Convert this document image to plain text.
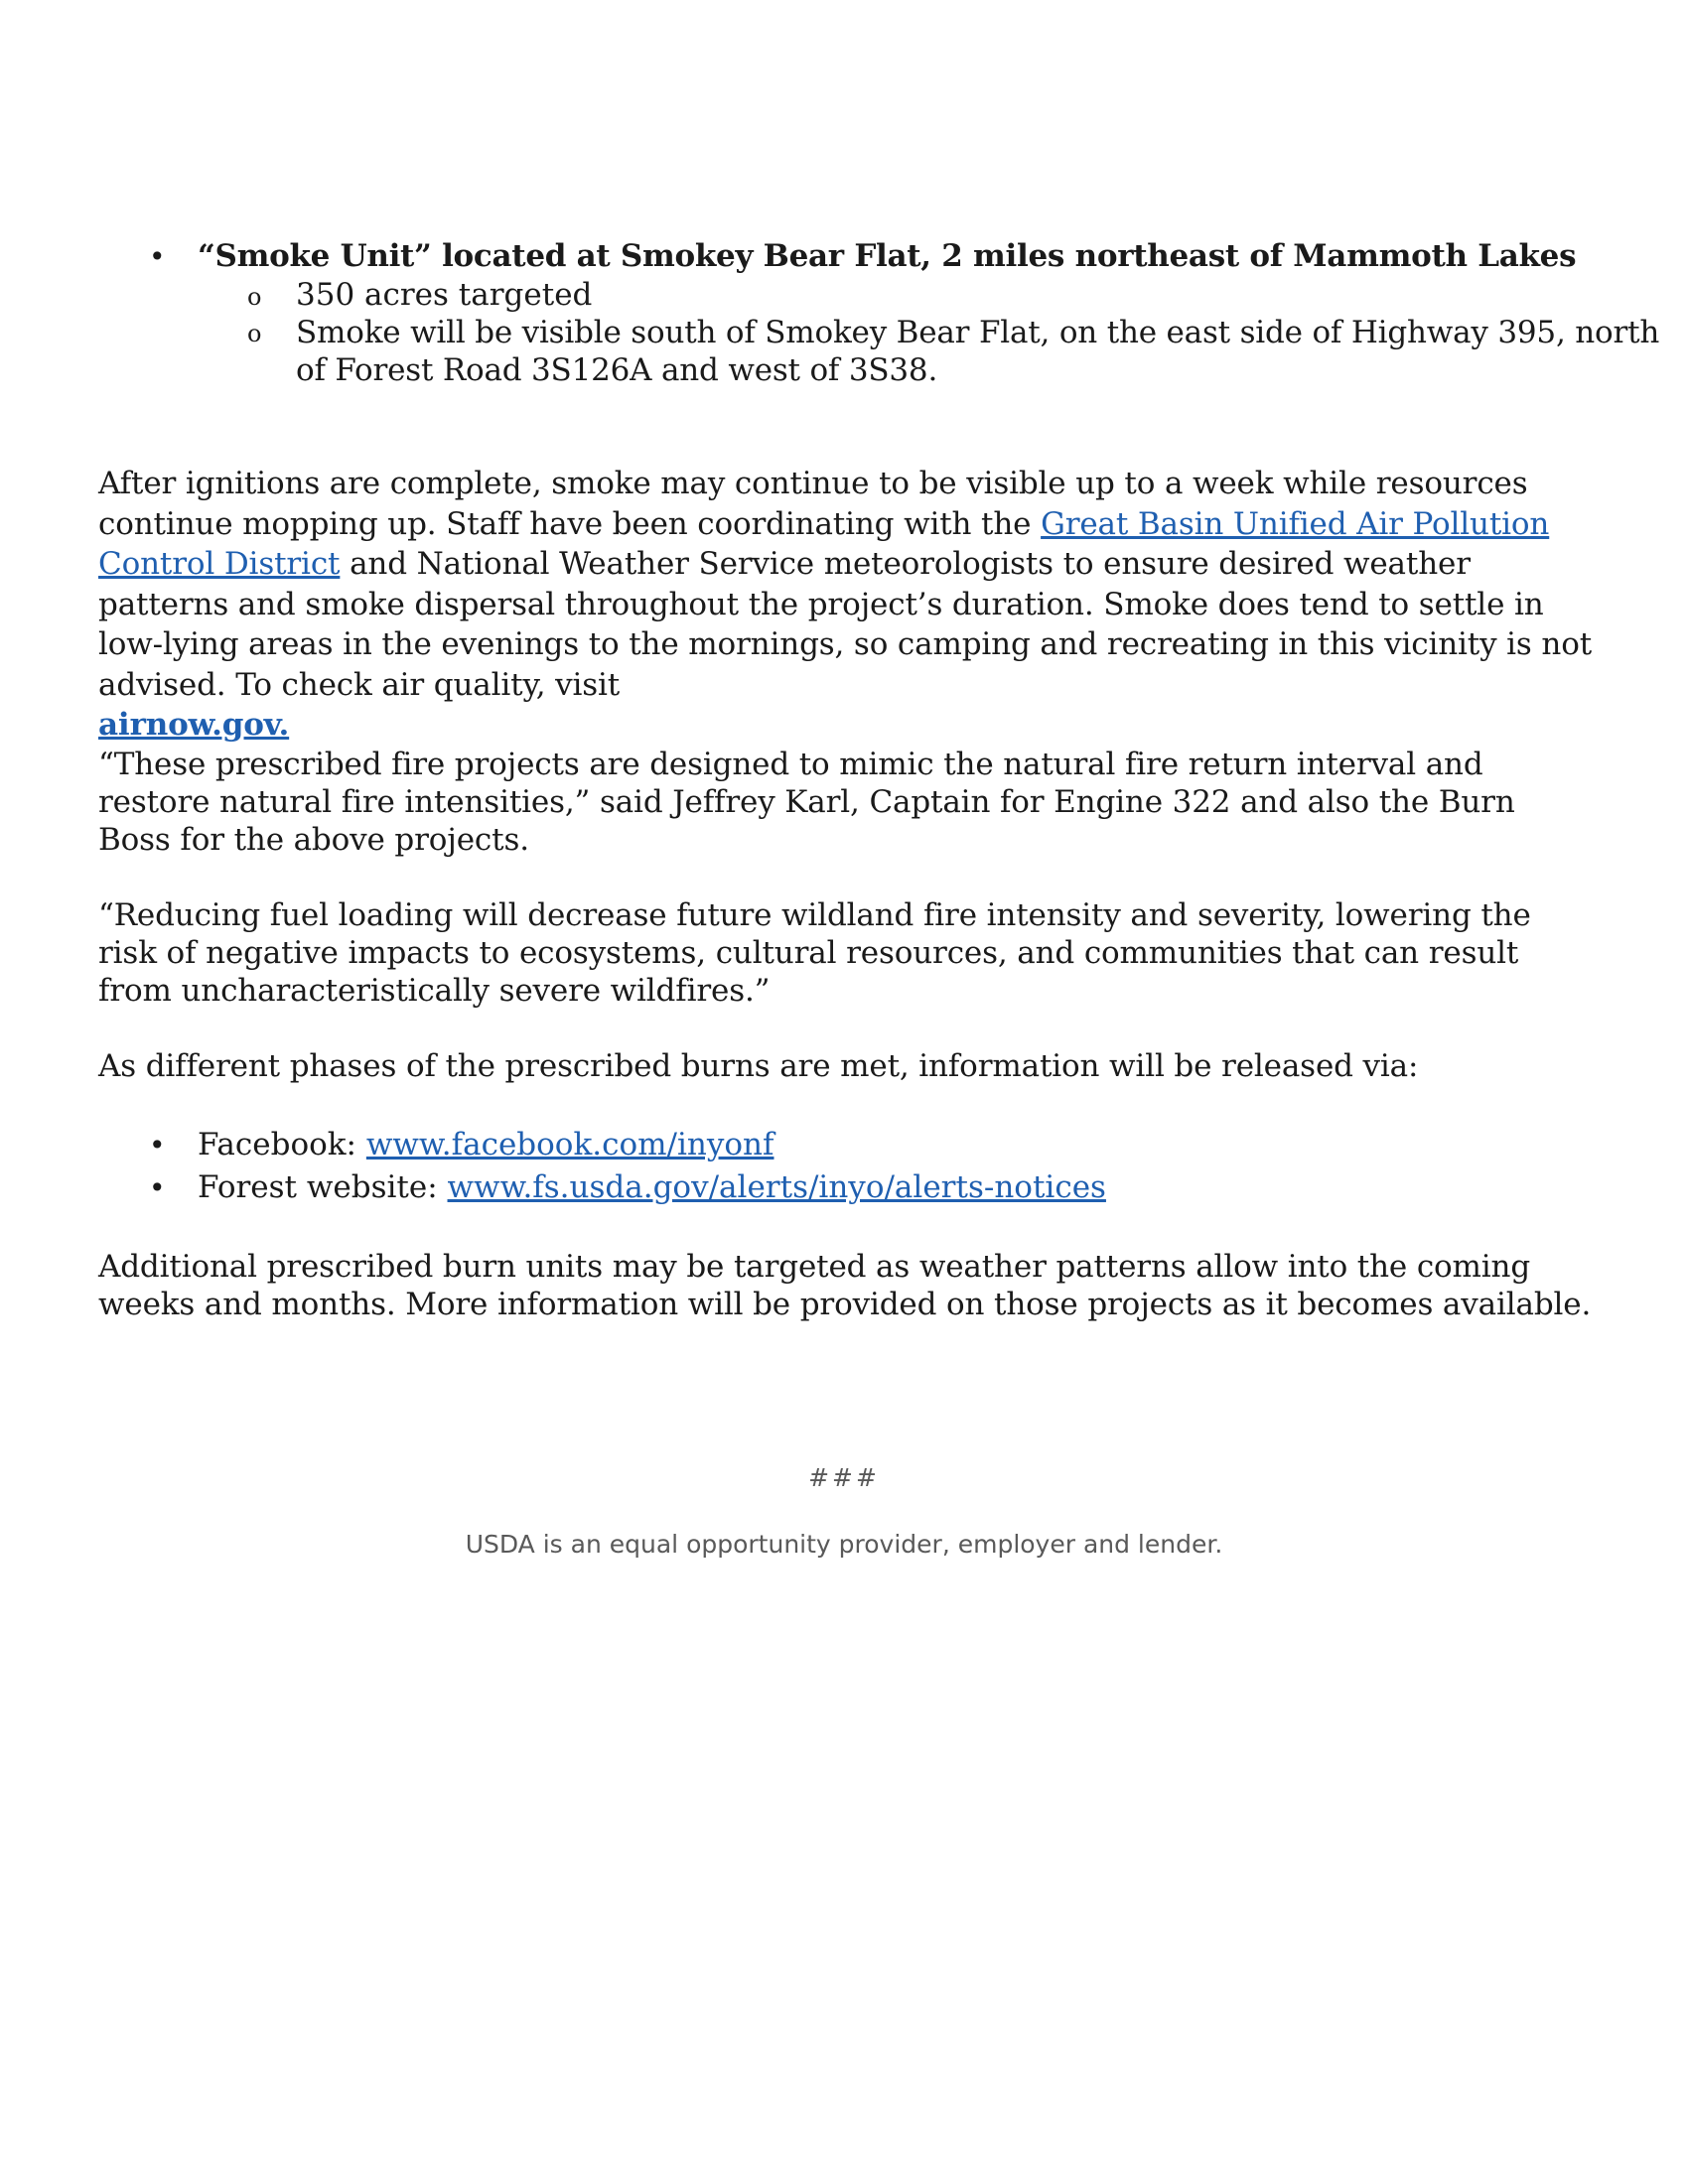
• “Smoke Unit” located at Smokey Bear Flat, 2 miles northeast of Mammoth Lakes
o 350 acres targeted
o Smoke will be visible south of Smokey Bear Flat, on the east side of Highway 395, north of Forest Road 3S126A and west of 3S38.
After ignitions are complete, smoke may continue to be visible up to a week while resources continue mopping up. Staff have been coordinating with the Great Basin Unified Air Pollution Control District and National Weather Service meteorologists to ensure desired weather patterns and smoke dispersal throughout the project’s duration. Smoke does tend to settle in low-lying areas in the evenings to the mornings, so camping and recreating in this vicinity is not advised. To check air quality, visit
airnow.gov.
“These prescribed fire projects are designed to mimic the natural fire return interval and restore natural fire intensities,” said Jeffrey Karl, Captain for Engine 322 and also the Burn Boss for the above projects.
“Reducing fuel loading will decrease future wildland fire intensity and severity, lowering the risk of negative impacts to ecosystems, cultural resources, and communities that can result from uncharacteristically severe wildfires.”
As different phases of the prescribed burns are met, information will be released via:
• Facebook: www.facebook.com/inyonf
• Forest website: www.fs.usda.gov/alerts/inyo/alerts-notices
Additional prescribed burn units may be targeted as weather patterns allow into the coming weeks and months. More information will be provided on those projects as it becomes available.
###
USDA is an equal opportunity provider, employer and lender.
